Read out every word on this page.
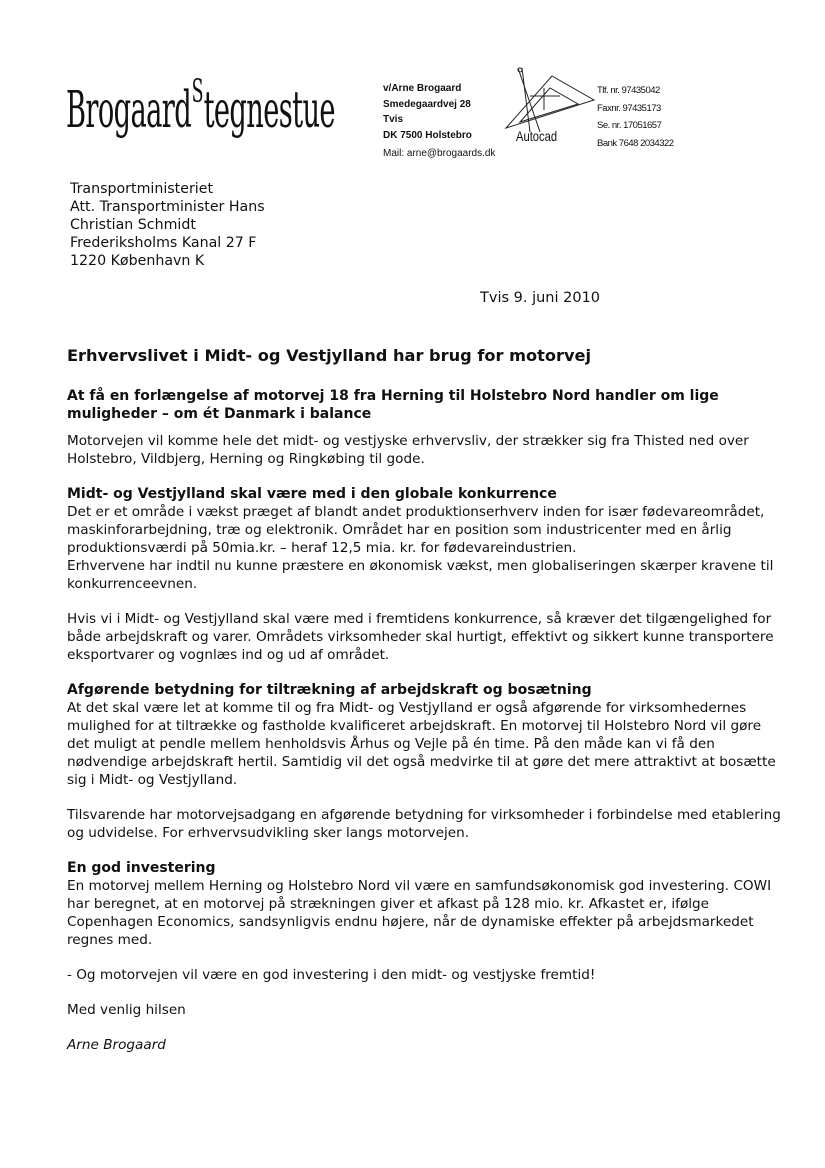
Brogaard$^S$tegnestue	v/Arne Brogaard
Smedegaardvej 28
Tvis
DK 7500 Holstebro
Mail: arne@brogaards.dk
Autocad
Tlf. nr. 97435042
Faxnr. 97435173
Se. nr. 17051657
Bank 7648 2034322
Transportministeriet
Att. Transportminister Hans
Christian Schmidt
Frederiksholms Kanal 27 F
1220 København K
Tvis 9. juni 2010
Erhvervslivet i Midt- og Vestjylland har brug for motorvej
At få en forlængelse af motorvej 18 fra Herning til Holstebro Nord handler om lige muligheder – om ét Danmark i balance

Motorvejen vil komme hele det midt- og vestjyske erhvervsliv, der strækker sig fra Thisted ned over Holstebro, Vildbjerg, Herning og Ringkøbing til gode.

Midt- og Vestjylland skal være med i den globale konkurrence

Det er et område i vækst præget af blandt andet produktionserhverv inden for især fødevareområdet, maskinforarbejdning, træ og elektronik. Området har en position som industricenter med en årlig produktionsværdi på 50mia.kr. – heraf 12,5 mia. kr. for fødevareindustrien.

Erhvervene har indtil nu kunne præstere en økonomisk vækst, men globaliseringen skærper kravene til konkurrenceevnen.

Hvis vi i Midt- og Vestjylland skal være med i fremtidens konkurrence, så kræver det tilgængelighed for både arbejdskraft og varer. Områdets virksomheder skal hurtigt, effektivt og sikkert kunne transportere eksportvarer og vognlæs ind og ud af området.

Afgørende betydning for tiltrækning af arbejdskraft og bosætning

At det skal være let at komme til og fra Midt- og Vestjylland er også afgørende for virksomhedernes mulighed for at tiltrække og fastholde kvalificeret arbejdskraft. En motorvej til Holstebro Nord vil gøre det muligt at pendle mellem henholdsvis Århus og Vejle på én time. På den måde kan vi få den nødvendige arbejdskraft hertil. Samtidig vil det også medvirke til at gøre det mere attraktivt at bosætte sig i Midt- og Vestjylland.

Tilsvarende har motorvejsadgang en afgørende betydning for virksomheder i forbindelse med etablering og udvidelse. For erhvervsudvikling sker langs motorvejen.

En god investering

En motorvej mellem Herning og Holstebro Nord vil være en samfundsøkonomisk god investering. COWI har beregnet, at en motorvej på strækningen giver et afkast på 128 mio. kr. Afkastet er, ifølge Copenhagen Economics, sandsynligvis endnu højere, når de dynamiske effekter på arbejdsmarkedet regnes med.

- Og motorvejen vil være en god investering i den midt- og vestjyske fremtid!

Med venlig hilsen

Arne Brogaard
